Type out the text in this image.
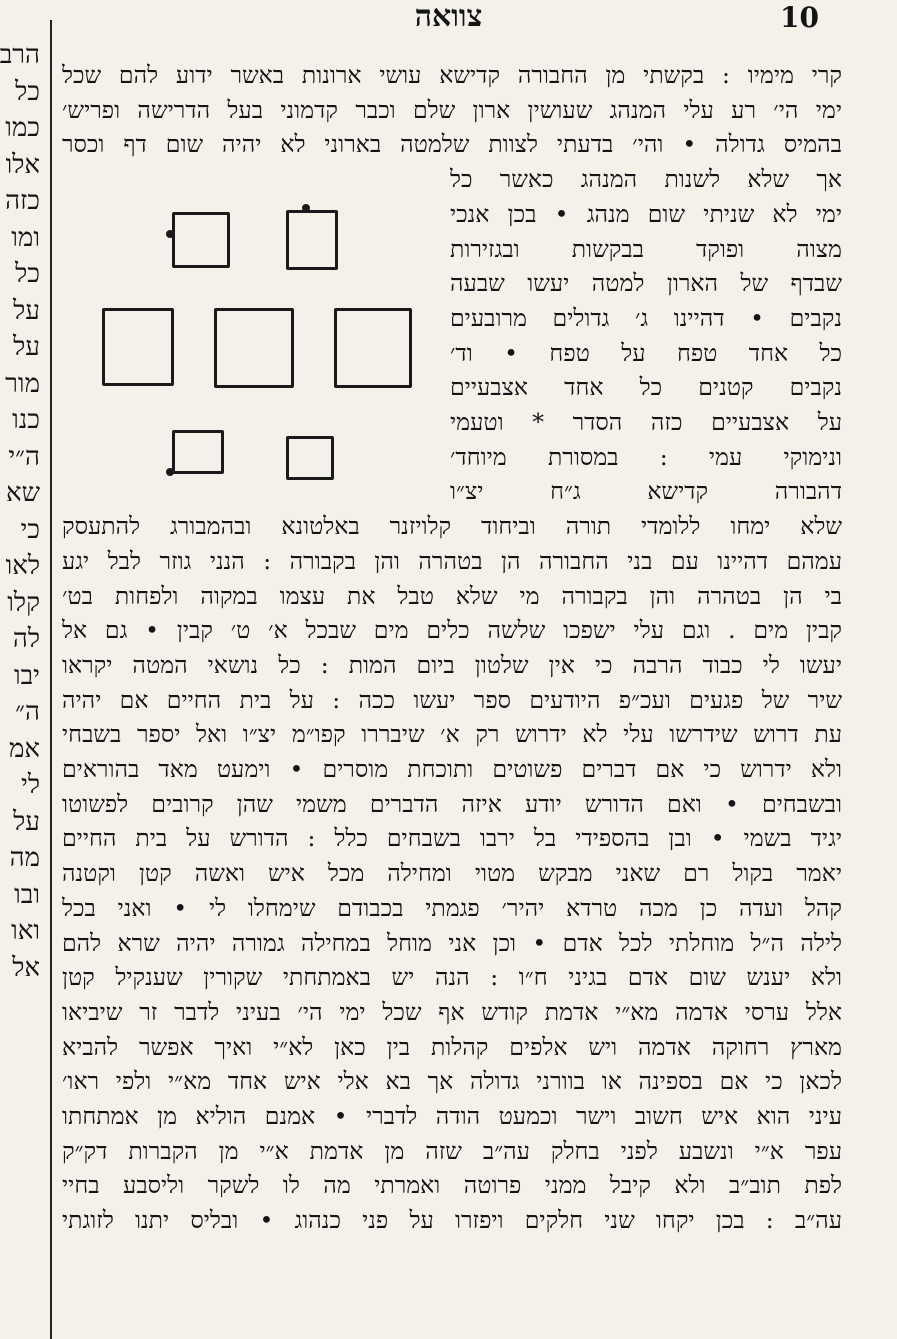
הרב
כל
כמו
אלו
כזה
ומו
כל
על
על
מור
כנו
ה״י
שא
כי
לאו
קלו
לה
יבו
ה״
אמ
לי
על
מה
ובו
ואו
אל
צוואה	10
קרי מימיו : בקשתי מן החבורה קדישא עושי ארונות באשר ידוע להם שכל
ימי הי׳ רע עלי המנהג שעושין ארון שלם וכבר קדמוני בעל הדרישה ופריש׳
בהמיס גדולה • והי׳ בדעתי לצוות שלמטה בארוני לא יהיה שום דף וכסר
אך שלא לשנות המנהג כאשר כל
ימי לא שניתי שום מנהג • בכן אנכי
מצוה ופוקד בבקשות ובגזירות
שבדף של הארון למטה יעשו שבעה
נקבים • דהיינו ג׳ גדולים מרובעים
כל אחד טפח על טפח • וד׳
נקבים קטנים כל אחד אצבעיים
על אצבעיים כזה הסדר * וטעמי
ונימוקי עמי : במסורת מיוחד׳
דהבורה קדישא ג״ח יצ״ו
שלא ימחו ללומדי תורה וביחוד קלויזנר באלטונא ובהמבורג להתעסק
עמהם דהיינו עם בני החבורה הן בטהרה והן בקבורה : הנני גוזר לבל יגע
בי הן בטהרה והן בקבורה מי שלא טבל את עצמו במקוה ולפחות בט׳
קבין מים . וגם עלי ישפכו שלשה כלים מים שבכל א׳ ט׳ קבין • גם אל
יעשו לי כבוד הרבה כי אין שלטון ביום המות : כל נושאי המטה יקראו
שיר של פגעים ועכ״פ היודעים ספר יעשו ככה : על בית החיים אם יהיה
עת דרוש שידרשו עלי לא ידרוש רק א׳ שיבררו קפו״מ יצ״ו ואל יספר בשבחי
ולא ידרוש כי אם דברים פשוטים ותוכחת מוסרים • וימעט מאד בהוראים
ובשבחים • ואם הדורש יודע איזה הדברים משמי שהן קרובים לפשוטו
יגיד בשמי • ובן בהספידי בל ירבו בשבחים כלל : הדורש על בית החיים
יאמר בקול רם שאני מבקש מטוי ומחילה מכל איש ואשה קטן וקטנה
קהל ועדה כן מכה טרדא יהיר׳ פגמתי בכבודם שימחלו לי • ואני בכל
לילה ה״ל מוחלתי לכל אדם • וכן אני מוחל במחילה גמורה יהיה שרא להם
ולא יענש שום אדם בגיני ח״ו : הנה יש באמתחתי שקורין שענקיל קטן
אלל ערסי אדמה מא״י אדמת קודש אף שכל ימי הי׳ בעיני לדבר זר שיביאו
מארץ רחוקה אדמה ויש אלפים קהלות בין כאן לא״י ואיך אפשר להביא
לכאן כי אם בספינה או בוורני גדולה אך בא אלי איש אחד מא״י ולפי ראו׳
עיני הוא איש חשוב וישר וכמעט הודה לדברי • אמנם הוליא מן אמתחתו
עפר א״י ונשבע לפני בחלק עה״ב שזה מן אדמת א״י מן הקברות דק״ק
לפת תוב״ב ולא קיבל ממני פרוטה ואמרתי מה לו לשקר וליסבע בחיי
עה״ב : בכן יקחו שני חלקים ויפזרו על פני כנהוג • ובליס יתנו לזוגתי
